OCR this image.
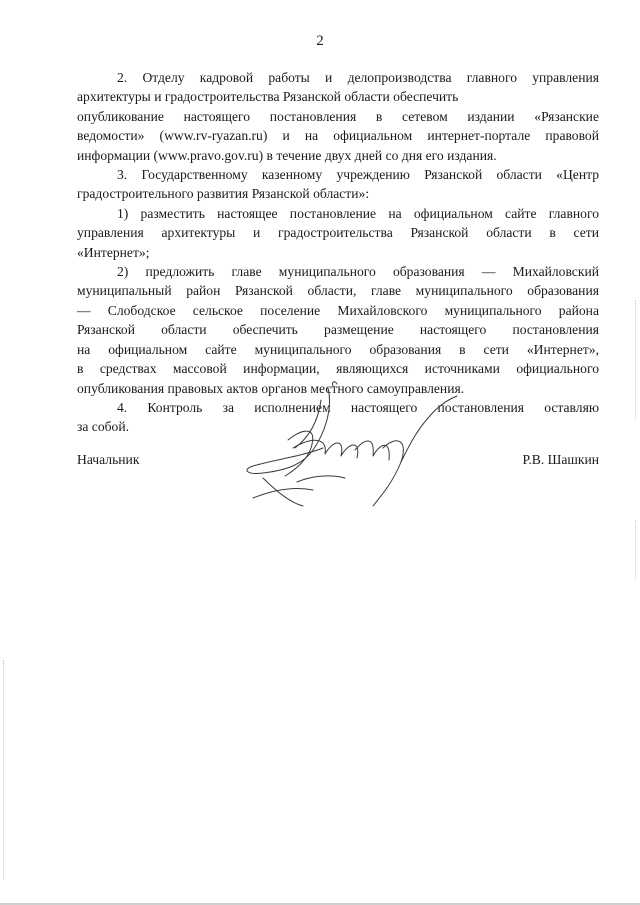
2

2. Отделу кадровой работы и делопроизводства главного управления
архитектуры и градостроительства Рязанской области обеспечить
опубликование настоящего постановления в сетевом издании «Рязанские
ведомости» (www.rv-ryazan.ru) и на официальном интернет-портале правовой
информации (www.pravo.gov.ru) в течение двух дней со дня его издания.

3. Государственному казенному учреждению Рязанской области «Центр
градостроительного развития Рязанской области»:

1) разместить настоящее постановление на официальном сайте главного
управления архитектуры и градостроительства Рязанской области в сети
«Интернет»;

2) предложить главе муниципального образования — Михайловский
муниципальный район Рязанской области, главе муниципального образования
— Слободское сельское поселение Михайловского муниципального района
Рязанской области обеспечить размещение настоящего постановления
на официальном сайте муниципального образования в сети «Интернет»,
в средствах массовой информации, являющихся источниками официального
опубликования правовых актов органов местного самоуправления.

4. Контроль за исполнением настоящего постановления оставляю
за собой.

Начальник	Р.В. Шашкин
